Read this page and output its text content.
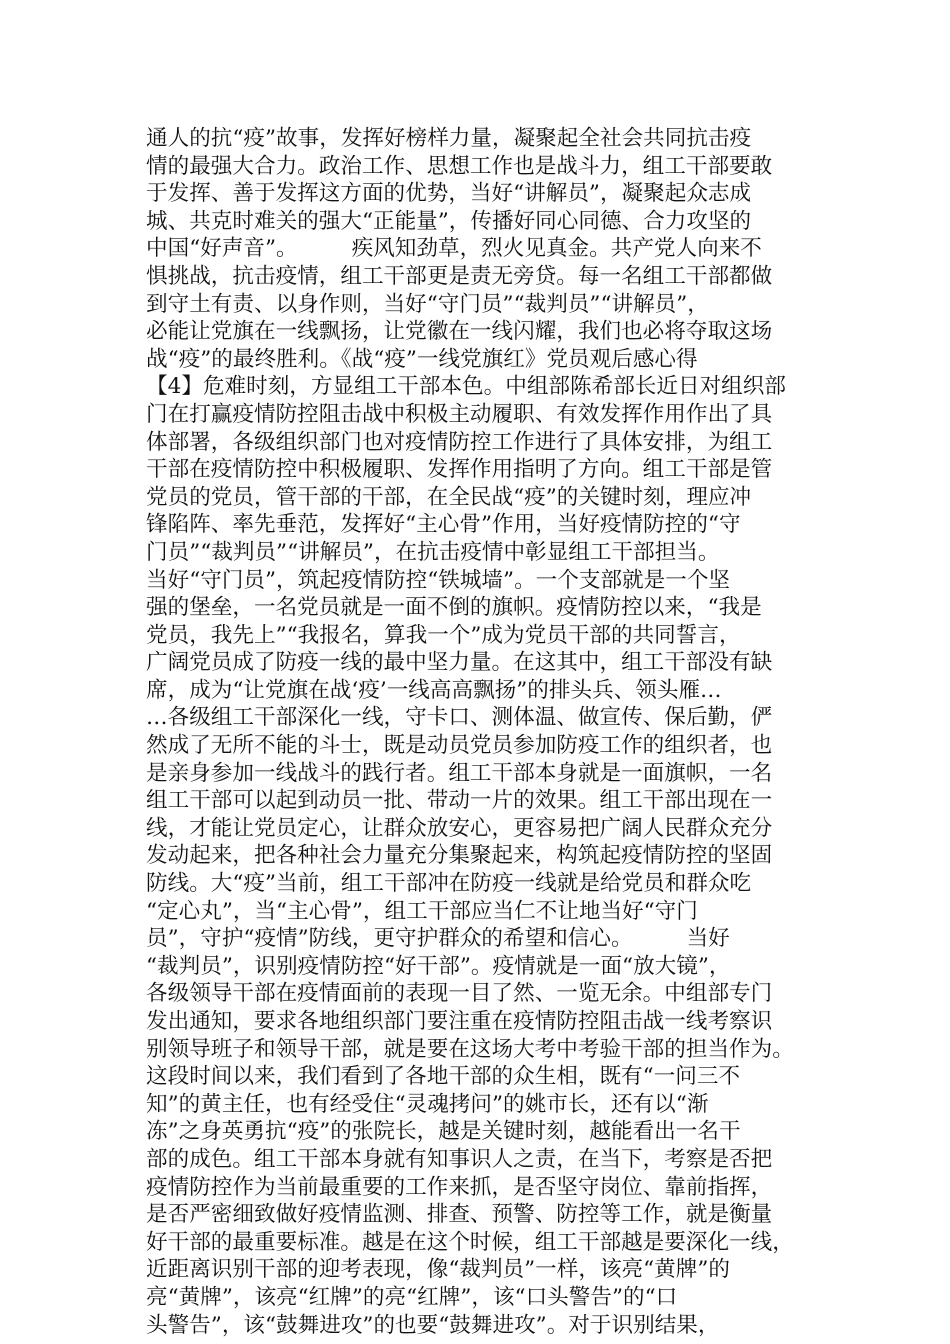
通人的抗“疫”故事，发挥好榜样力量，凝聚起全社会共同抗击疫
情的最强大合力。政治工作、思想工作也是战斗力，组工干部要敢
于发挥、善于发挥这方面的优势，当好“讲解员”，凝聚起众志成
城、共克时难关的强大“正能量”，传播好同心同德、合力攻坚的
中国“好声音”。　　　疾风知劲草，烈火见真金。共产党人向来不
惧挑战，抗击疫情，组工干部更是责无旁贷。每一名组工干部都做
到守土有责、以身作则，当好“守门员”“裁判员”“讲解员”，
必能让党旗在一线飘扬，让党徽在一线闪耀，我们也必将夺取这场
战“疫”的最终胜利。《战“疫”一线党旗红》党员观后感心得
【4】危难时刻，方显组工干部本色。中组部陈希部长近日对组织部
门在打赢疫情防控阻击战中积极主动履职、有效发挥作用作出了具
体部署，各级组织部门也对疫情防控工作进行了具体安排，为组工
干部在疫情防控中积极履职、发挥作用指明了方向。组工干部是管
党员的党员，管干部的干部，在全民战“疫”的关键时刻，理应冲
锋陷阵、率先垂范，发挥好“主心骨”作用，当好疫情防控的“守
门员”“裁判员”“讲解员”，在抗击疫情中彰显组工干部担当。
当好“守门员”，筑起疫情防控“铁城墙”。一个支部就是一个坚
强的堡垒，一名党员就是一面不倒的旗帜。疫情防控以来，“我是
党员，我先上”“我报名，算我一个”成为党员干部的共同誓言，
广阔党员成了防疫一线的最中坚力量。在这其中，组工干部没有缺
席，成为“让党旗在战‘疫’一线高高飘扬”的排头兵、领头雁…
…各级组工干部深化一线，守卡口、测体温、做宣传、保后勤，俨
然成了无所不能的斗士，既是动员党员参加防疫工作的组织者，也
是亲身参加一线战斗的践行者。组工干部本身就是一面旗帜，一名
组工干部可以起到动员一批、带动一片的效果。组工干部出现在一
线，才能让党员定心，让群众放安心，更容易把广阔人民群众充分
发动起来，把各种社会力量充分集聚起来，构筑起疫情防控的坚固
防线。大“疫”当前，组工干部冲在防疫一线就是给党员和群众吃
“定心丸”，当“主心骨”，组工干部应当仁不让地当好“守门
员”，守护“疫情”防线，更守护群众的希望和信心。　　　当好
“裁判员”，识别疫情防控“好干部”。疫情就是一面“放大镜”，
各级领导干部在疫情面前的表现一目了然、一览无余。中组部专门
发出通知，要求各地组织部门要注重在疫情防控阻击战一线考察识
别领导班子和领导干部，就是要在这场大考中考验干部的担当作为。
这段时间以来，我们看到了各地干部的众生相，既有“一问三不
知”的黄主任，也有经受住“灵魂拷问”的姚市长，还有以“渐
冻”之身英勇抗“疫”的张院长，越是关键时刻，越能看出一名干
部的成色。组工干部本身就有知事识人之责，在当下，考察是否把
疫情防控作为当前最重要的工作来抓，是否坚守岗位、靠前指挥，
是否严密细致做好疫情监测、排查、预警、防控等工作，就是衡量
好干部的最重要标准。越是在这个时候，组工干部越是要深化一线，
近距离识别干部的迎考表现，像“裁判员”一样，该亮“黄牌”的
亮“黄牌”，该亮“红牌”的亮“红牌”，该“口头警告”的“口
头警告”，该“鼓舞进攻”的也要“鼓舞进攻”。对于识别结果，
